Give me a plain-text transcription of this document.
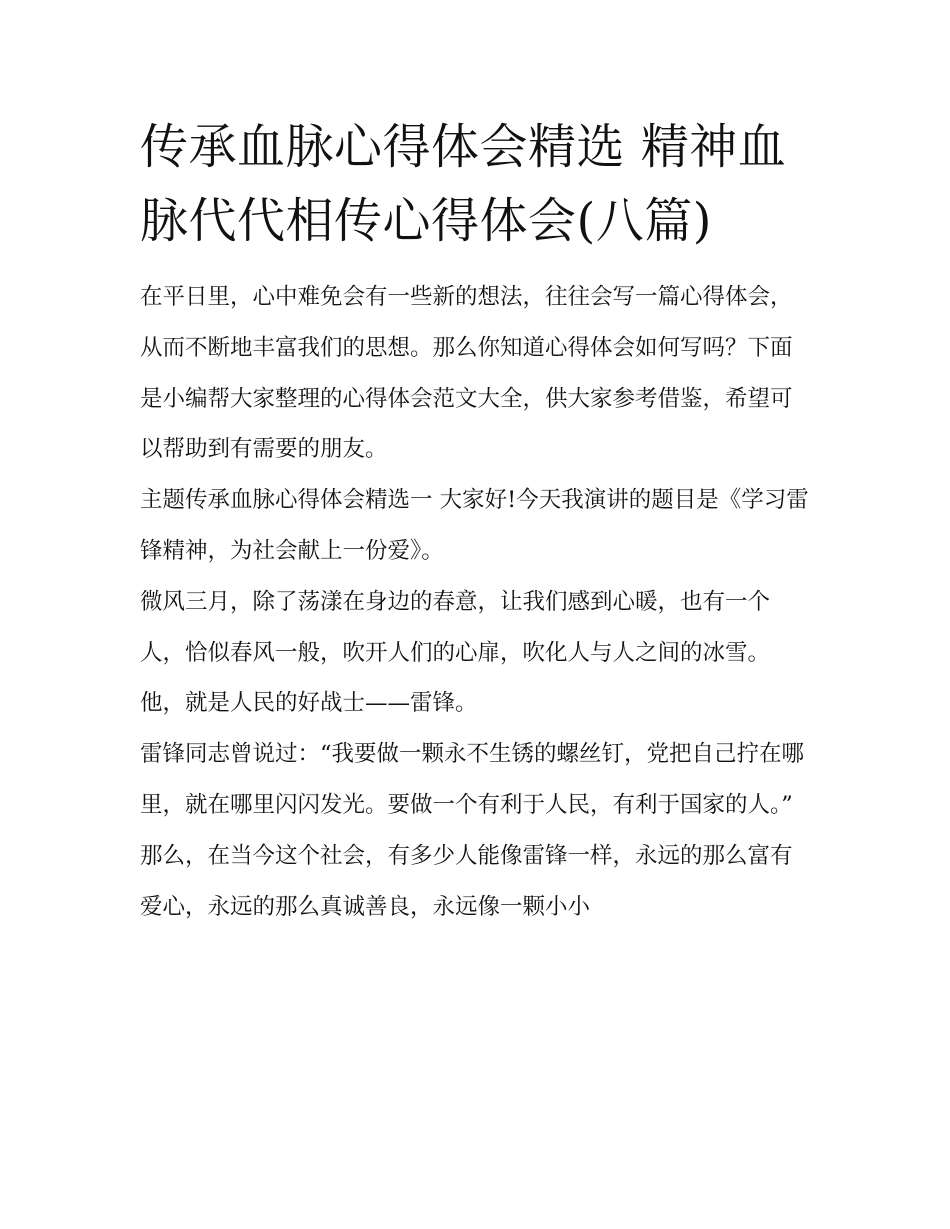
传承血脉心得体会精选 精神血脉代代相传心得体会(八篇)

在平日里，心中难免会有一些新的想法，往往会写一篇心得体会，从而不断地丰富我们的思想。那么你知道心得体会如何写吗？下面是小编帮大家整理的心得体会范文大全，供大家参考借鉴，希望可以帮助到有需要的朋友。

主题传承血脉心得体会精选一 大家好!今天我演讲的题目是《学习雷锋精神，为社会献上一份爱》。

微风三月，除了荡漾在身边的春意，让我们感到心暖，也有一个人，恰似春风一般，吹开人们的心扉，吹化人与人之间的冰雪。他，就是人民的好战士——雷锋。

雷锋同志曾说过：“我要做一颗永不生锈的螺丝钉，党把自己拧在哪里，就在哪里闪闪发光。要做一个有利于人民，有利于国家的人。”

那么，在当今这个社会，有多少人能像雷锋一样，永远的那么富有爱心，永远的那么真诚善良，永远像一颗小小
